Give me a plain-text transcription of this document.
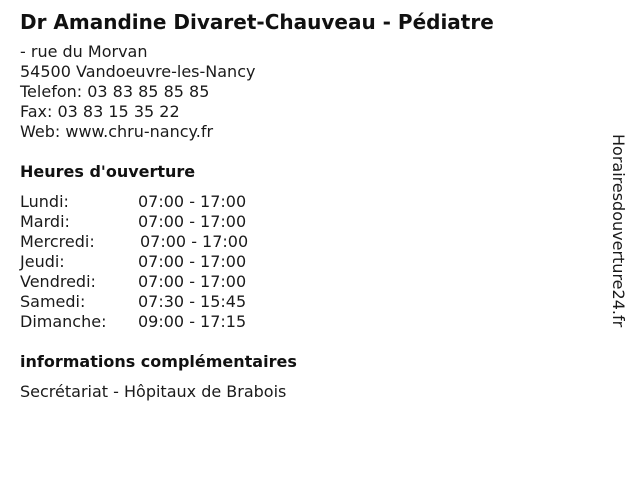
Dr Amandine Divaret-Chauveau - Pédiatre

- rue du Morvan

54500 Vandoeuvre-les-Nancy

Telefon: 03 83 85 85 85

Fax: 03 83 15 35 22

Web: www.chru-nancy.fr

Heures d'ouverture
Lundi:	07:00 - 17:00
Mardi:	07:00 - 17:00
Mercredi:	07:00 - 17:00
Jeudi:	07:00 - 17:00
Vendredi:	07:00 - 17:00
Samedi:	07:30 - 15:45
Dimanche: 09:00 - 17:15
informations complémentaires

Secrétariat - Hôpitaux de Brabois

Horairesdouverture24.fr
